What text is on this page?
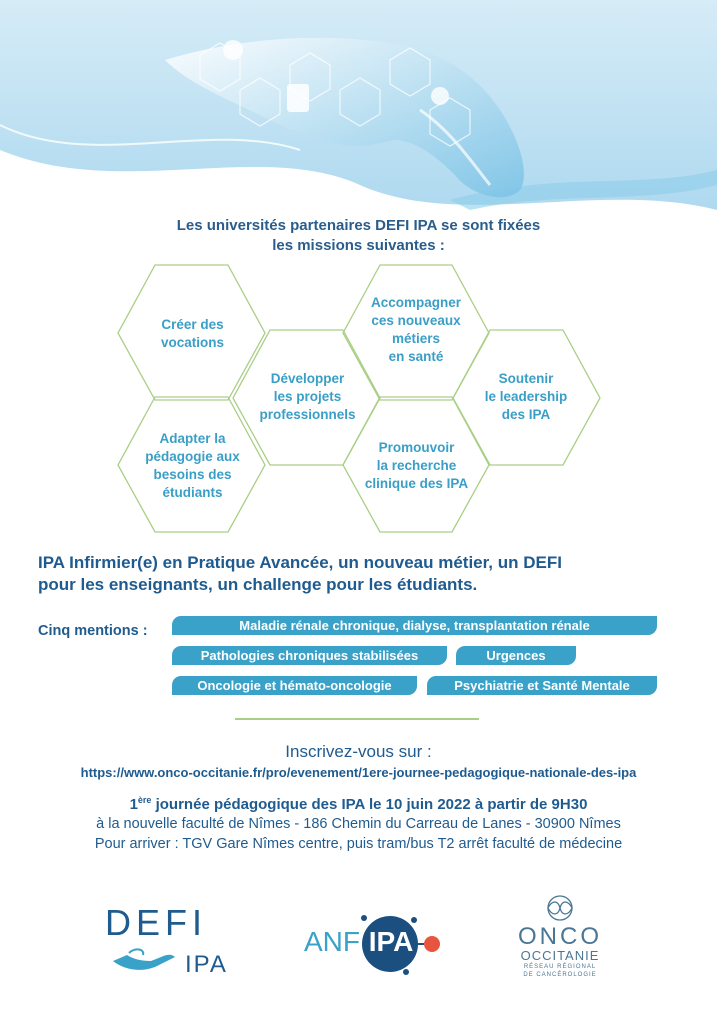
Les universités partenaires DEFI IPA se sont fixées
les missions suivantes :
Créer des
vocations
Accompagner
ces nouveaux
métiers
en santé
Développer
les projets
professionnels
Soutenir
le leadership
des IPA
Adapter la
pédagogie aux
besoins des
étudiants
Promouvoir
la recherche
clinique des IPA
IPA Infirmier(e) en Pratique Avancée, un nouveau métier, un DEFI
pour les enseignants, un challenge pour les étudiants.
Cinq mentions :	Maladie rénale chronique, dialyse, transplantation rénale
Pathologies chroniques stabilisées	Urgences
Oncologie et hémato-oncologie	Psychiatrie et Santé Mentale
Inscrivez-vous sur :
https://www.onco-occitanie.fr/pro/evenement/1ere-journee-pedagogique-nationale-des-ipa
1ère journée pédagogique des IPA le 10 juin 2022 à partir de 9H30
à la nouvelle faculté de Nîmes - 186 Chemin du Carreau de Lanes - 30900 Nîmes
Pour arriver : TGV Gare Nîmes centre, puis tram/bus T2 arrêt faculté de médecine
DEFI
IPA
ANF IPA	ONCO
OCCITANIE
RÉSEAU RÉGIONAL
DE CANCÉROLOGIE
